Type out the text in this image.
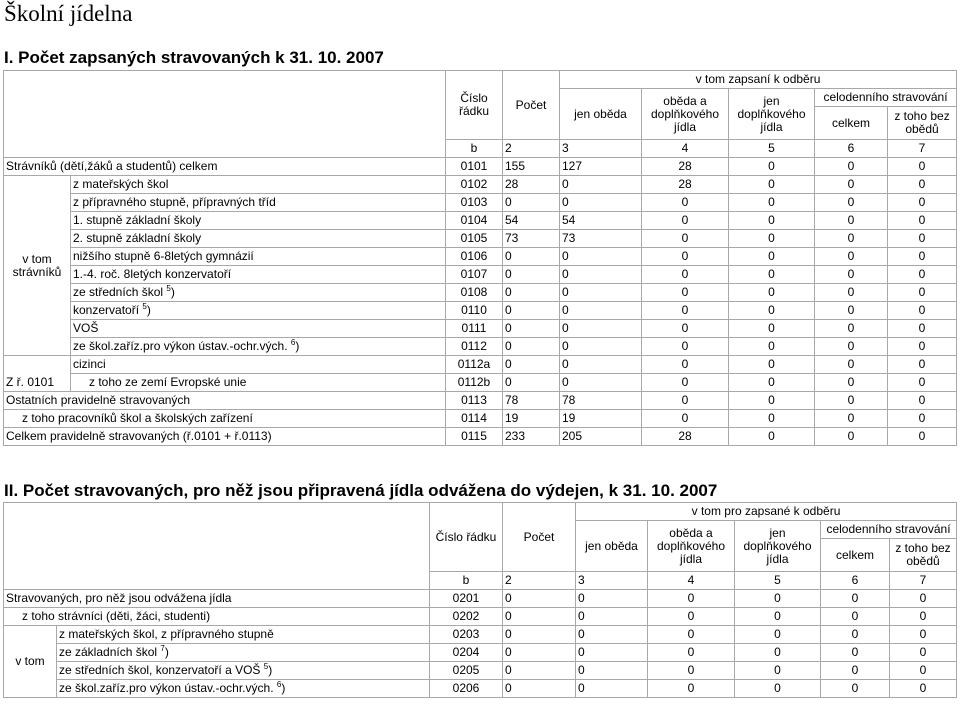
Školní jídelna
I. Počet zapsaných stravovaných k 31. 10. 2007
II. Počet stravovaných, pro něž jsou připravená jídla odvážena do výdejen, k 31. 10. 2007
		Číslo řádku	Počet	v tom zapsaní k odběru				
				jen oběda	oběda a doplňkového jídla	jen doplňkového jídla	celodenního stravování	
							celkem	z toho bez obědů
		b	2	3	4	5	6	7
Strávníků (dětí,žáků a studentů) celkem		0101	155	127	28	0	0	0
v tom strávníků	z mateřských škol	0102	28	0	28	0	0	0
	z přípravného stupně, přípravných tříd	0103	0	0	0	0	0	0
	1. stupně základní školy	0104	54	54	0	0	0	0
	2. stupně základní školy	0105	73	73	0	0	0	0
	nižšího stupně 6-8letých gymnázií	0106	0	0	0	0	0	0
	1.-4. roč. 8letých konzervatoří	0107	0	0	0	0	0	0
	ze středních škol $^5$)	0108	0	0	0	0	0	0
	konzervatoří $^5$)	0110	0	0	0	0	0	0
	VOŠ	0111	0	0	0	0	0	0
	ze škol.zaříz.pro výkon ústav.-ochr.vých. $^6$)	0112	0	0	0	0	0	0
Z ř. 0101	cizinci	0112a	0	0	0	0	0	0
	z toho ze zemí Evropské unie	0112b	0	0	0	0	0	0
Ostatních pravidelně stravovaných		0113	78	78	0	0	0	0
z toho pracovníků škol a školských zařízení		0114	19	19	0	0	0	0
Celkem pravidelně stravovaných (ř.0101 + ř.0113)		0115	233	205	28	0	0	0
		Číslo řádku	Počet	v tom pro zapsané k odběru				
				jen oběda	oběda a doplňkového jídla	jen doplňkového jídla	celodenního stravování	
							celkem	z toho bez obědů
		b	2	3	4	5	6	7
Stravovaných, pro něž jsou odvážena jídla		0201	0	0	0	0	0	0
z toho strávníci (děti, žáci, studenti)		0202	0	0	0	0	0	0
v tom	z mateřských škol, z přípravného stupně	0203	0	0	0	0	0	0
	ze základních škol $^7$)	0204	0	0	0	0	0	0
	ze středních škol, konzervatoří a VOŠ $^5$)	0205	0	0	0	0	0	0
	ze škol.zaříz.pro výkon ústav.-ochr.vých. $^6$)	0206	0	0	0	0	0	0
